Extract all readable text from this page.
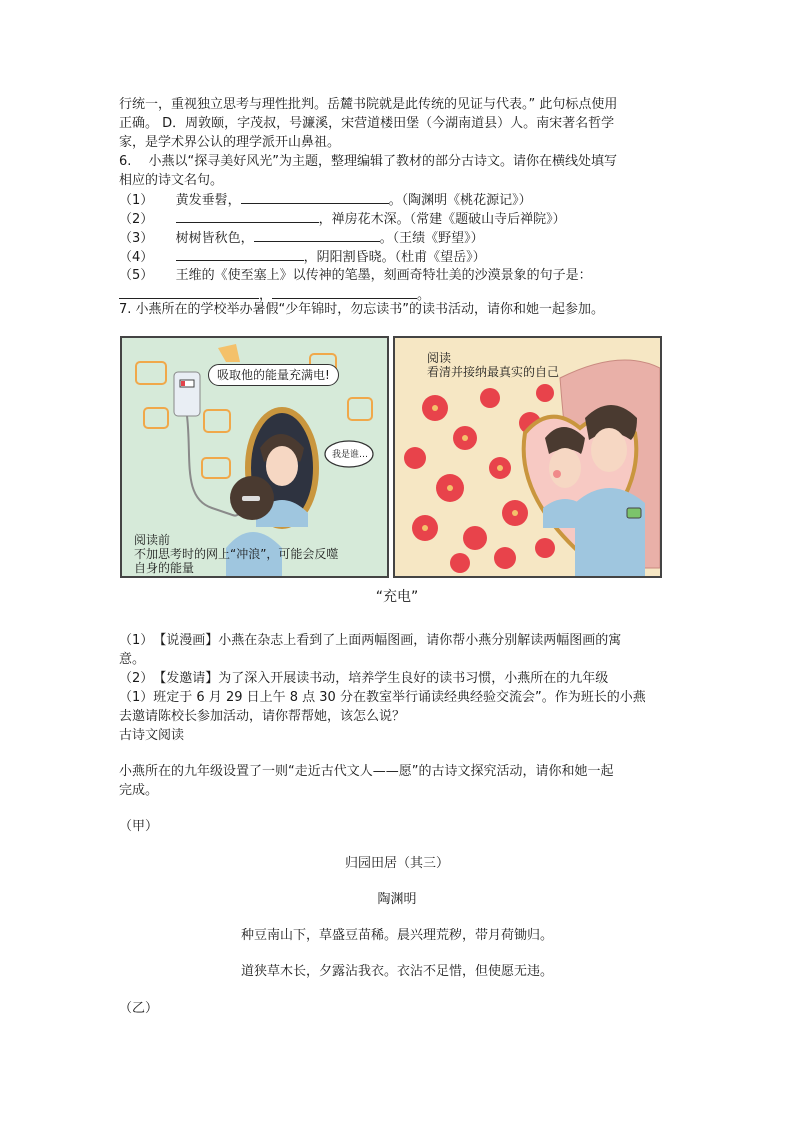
行统一，重视独立思考与理性批判。岳麓书院就是此传统的见证与代表。” 此句标点使用
正确。 D．周敦颐，字茂叔，号濂溪，宋营道楼田堡（今湖南道县）人。南宋著名哲学
家，是学术界公认的理学派开山鼻祖。
6.　 小燕以“探寻美好风光”为主题，整理编辑了教材的部分古诗文。请你在横线处填写
相应的诗文名句。
（1） 黄发垂髫，	。（陶渊明《桃花源记》）
（2）	，禅房花木深。（常建《题破山寺后禅院》）
（3） 树树皆秋色，	。（王绩《野望》）
（4）	，阴阳割昏晓。（杜甫《望岳》）
（5） 王维的《使至塞上》以传神的笔墨，刻画奇特壮美的沙漠景象的句子是：
，	。
7. 小燕所在的学校举办暑假“少年锦时，勿忘读书”的读书活动，请你和她一起参加。
吸取他的能量充满电!
我是谁…
阅读前
不加思考时的网上“冲浪”，可能会反噬
自身的能量
阅读
看清并接纳最真实的自己
“充电”
（1）　【说漫画】小燕在杂志上看到了上面两幅图画，请你帮小燕分别解读两幅图画的寓
意。
（2）　【发邀请】为了深入开展读书动，培养学生良好的读书习惯，小燕所在的九年级
（1）班定于 6 月 29 日上午 8 点 30 分在教室举行诵读经典经验交流会”。作为班长的小燕
去邀请陈校长参加活动，请你帮帮她，该怎么说？
古诗文阅读
小燕所在的九年级设置了一则“走近古代文人——愿”的古诗文探究活动，请你和她一起
完成。
（甲）
归园田居（其三）
陶渊明
种豆南山下，草盛豆苗稀。晨兴理荒秽，带月荷锄归。
道狭草木长，夕露沾我衣。衣沾不足惜，但使愿无违。
（乙）
